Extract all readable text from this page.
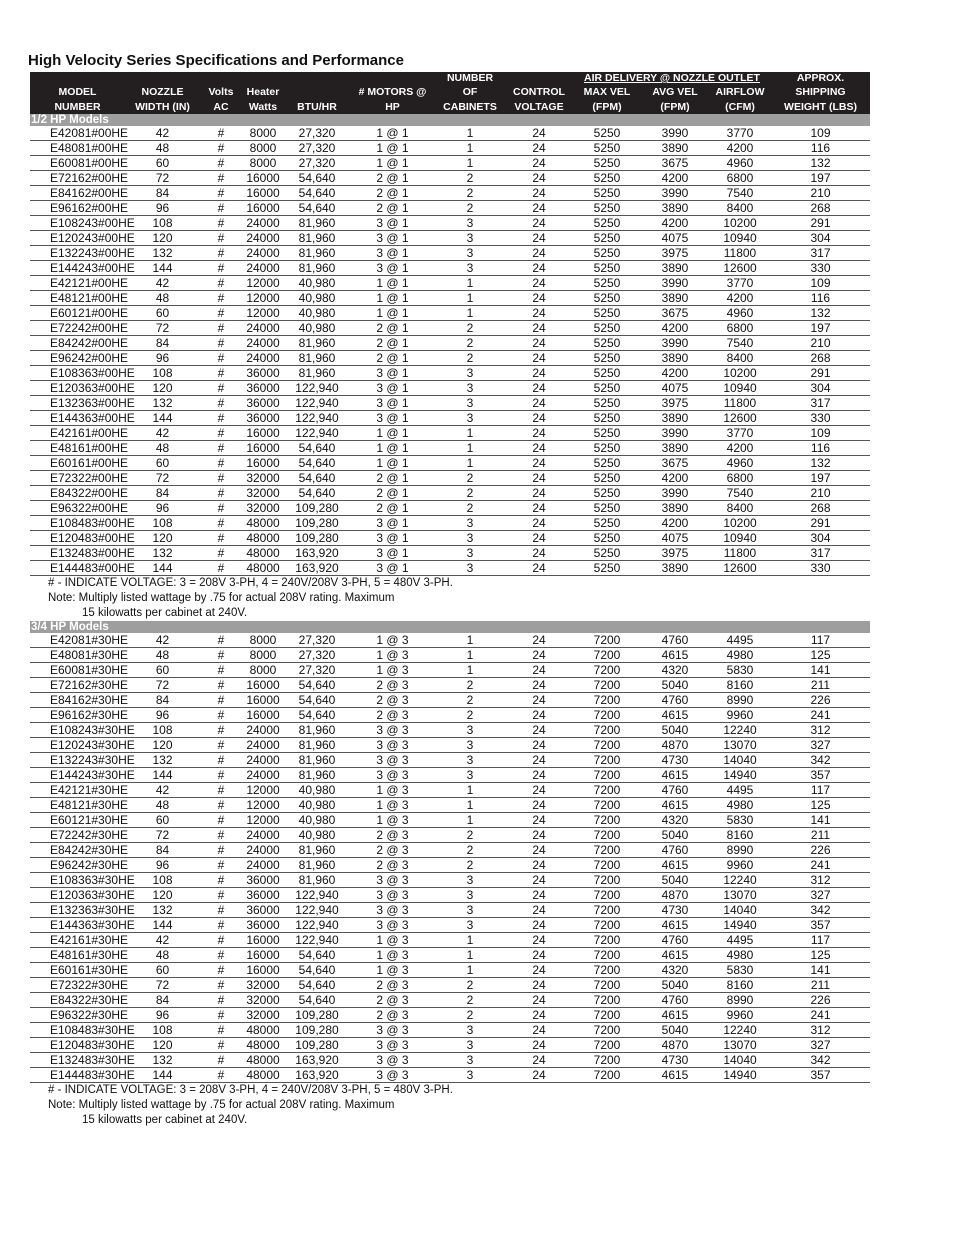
High Velocity Series Specifications and Performance
						NUMBER		AIR DELIVERY @ NOZZLE OUTLET			APPROX.
MODEL	NOZZLE	Volts	Heater		# MOTORS @	OF	CONTROL	MAX VEL	AVG VEL	AIRFLOW	SHIPPING
NUMBER	WIDTH (IN)	AC	Watts	BTU/HR	HP	CABINETS	VOLTAGE	(FPM)	(FPM)	(CFM)	WEIGHT (LBS)
1/2 HP Models											
E42081#00HE	42	#	8000	27,320	1 @ 1	1	24	5250	3990	3770	109
E48081#00HE	48	#	8000	27,320	1 @ 1	1	24	5250	3890	4200	116
E60081#00HE	60	#	8000	27,320	1 @ 1	1	24	5250	3675	4960	132
E72162#00HE	72	#	16000	54,640	2 @ 1	2	24	5250	4200	6800	197
E84162#00HE	84	#	16000	54,640	2 @ 1	2	24	5250	3990	7540	210
E96162#00HE	96	#	16000	54,640	2 @ 1	2	24	5250	3890	8400	268
E108243#00HE	108	#	24000	81,960	3 @ 1	3	24	5250	4200	10200	291
E120243#00HE	120	#	24000	81,960	3 @ 1	3	24	5250	4075	10940	304
E132243#00HE	132	#	24000	81,960	3 @ 1	3	24	5250	3975	11800	317
E144243#00HE	144	#	24000	81,960	3 @ 1	3	24	5250	3890	12600	330
E42121#00HE	42	#	12000	40,980	1 @ 1	1	24	5250	3990	3770	109
E48121#00HE	48	#	12000	40,980	1 @ 1	1	24	5250	3890	4200	116
E60121#00HE	60	#	12000	40,980	1 @ 1	1	24	5250	3675	4960	132
E72242#00HE	72	#	24000	40,980	2 @ 1	2	24	5250	4200	6800	197
E84242#00HE	84	#	24000	81,960	2 @ 1	2	24	5250	3990	7540	210
E96242#00HE	96	#	24000	81,960	2 @ 1	2	24	5250	3890	8400	268
E108363#00HE	108	#	36000	81,960	3 @ 1	3	24	5250	4200	10200	291
E120363#00HE	120	#	36000	122,940	3 @ 1	3	24	5250	4075	10940	304
E132363#00HE	132	#	36000	122,940	3 @ 1	3	24	5250	3975	11800	317
E144363#00HE	144	#	36000	122,940	3 @ 1	3	24	5250	3890	12600	330
E42161#00HE	42	#	16000	122,940	1 @ 1	1	24	5250	3990	3770	109
E48161#00HE	48	#	16000	54,640	1 @ 1	1	24	5250	3890	4200	116
E60161#00HE	60	#	16000	54,640	1 @ 1	1	24	5250	3675	4960	132
E72322#00HE	72	#	32000	54,640	2 @ 1	2	24	5250	4200	6800	197
E84322#00HE	84	#	32000	54,640	2 @ 1	2	24	5250	3990	7540	210
E96322#00HE	96	#	32000	109,280	2 @ 1	2	24	5250	3890	8400	268
E108483#00HE	108	#	48000	109,280	3 @ 1	3	24	5250	4200	10200	291
E120483#00HE	120	#	48000	109,280	3 @ 1	3	24	5250	4075	10940	304
E132483#00HE	132	#	48000	163,920	3 @ 1	3	24	5250	3975	11800	317
E144483#00HE	144	#	48000	163,920	3 @ 1	3	24	5250	3890	12600	330
# - INDICATE VOLTAGE: 3 = 208V 3-PH, 4 = 240V/208V 3-PH, 5 = 480V 3-PH.											
Note: Multiply listed wattage by .75 for actual 208V rating. Maximum											
15 kilowatts per cabinet at 240V.											
3/4 HP Models											
E42081#30HE	42	#	8000	27,320	1 @ 3	1	24	7200	4760	4495	117
E48081#30HE	48	#	8000	27,320	1 @ 3	1	24	7200	4615	4980	125
E60081#30HE	60	#	8000	27,320	1 @ 3	1	24	7200	4320	5830	141
E72162#30HE	72	#	16000	54,640	2 @ 3	2	24	7200	5040	8160	211
E84162#30HE	84	#	16000	54,640	2 @ 3	2	24	7200	4760	8990	226
E96162#30HE	96	#	16000	54,640	2 @ 3	2	24	7200	4615	9960	241
E108243#30HE	108	#	24000	81,960	3 @ 3	3	24	7200	5040	12240	312
E120243#30HE	120	#	24000	81,960	3 @ 3	3	24	7200	4870	13070	327
E132243#30HE	132	#	24000	81,960	3 @ 3	3	24	7200	4730	14040	342
E144243#30HE	144	#	24000	81,960	3 @ 3	3	24	7200	4615	14940	357
E42121#30HE	42	#	12000	40,980	1 @ 3	1	24	7200	4760	4495	117
E48121#30HE	48	#	12000	40,980	1 @ 3	1	24	7200	4615	4980	125
E60121#30HE	60	#	12000	40,980	1 @ 3	1	24	7200	4320	5830	141
E72242#30HE	72	#	24000	40,980	2 @ 3	2	24	7200	5040	8160	211
E84242#30HE	84	#	24000	81,960	2 @ 3	2	24	7200	4760	8990	226
E96242#30HE	96	#	24000	81,960	2 @ 3	2	24	7200	4615	9960	241
E108363#30HE	108	#	36000	81,960	3 @ 3	3	24	7200	5040	12240	312
E120363#30HE	120	#	36000	122,940	3 @ 3	3	24	7200	4870	13070	327
E132363#30HE	132	#	36000	122,940	3 @ 3	3	24	7200	4730	14040	342
E144363#30HE	144	#	36000	122,940	3 @ 3	3	24	7200	4615	14940	357
E42161#30HE	42	#	16000	122,940	1 @ 3	1	24	7200	4760	4495	117
E48161#30HE	48	#	16000	54,640	1 @ 3	1	24	7200	4615	4980	125
E60161#30HE	60	#	16000	54,640	1 @ 3	1	24	7200	4320	5830	141
E72322#30HE	72	#	32000	54,640	2 @ 3	2	24	7200	5040	8160	211
E84322#30HE	84	#	32000	54,640	2 @ 3	2	24	7200	4760	8990	226
E96322#30HE	96	#	32000	109,280	2 @ 3	2	24	7200	4615	9960	241
E108483#30HE	108	#	48000	109,280	3 @ 3	3	24	7200	5040	12240	312
E120483#30HE	120	#	48000	109,280	3 @ 3	3	24	7200	4870	13070	327
E132483#30HE	132	#	48000	163,920	3 @ 3	3	24	7200	4730	14040	342
E144483#30HE	144	#	48000	163,920	3 @ 3	3	24	7200	4615	14940	357
# - INDICATE VOLTAGE: 3 = 208V 3-PH, 4 = 240V/208V 3-PH, 5 = 480V 3-PH.											
Note: Multiply listed wattage by .75 for actual 208V rating. Maximum											
15 kilowatts per cabinet at 240V.											
